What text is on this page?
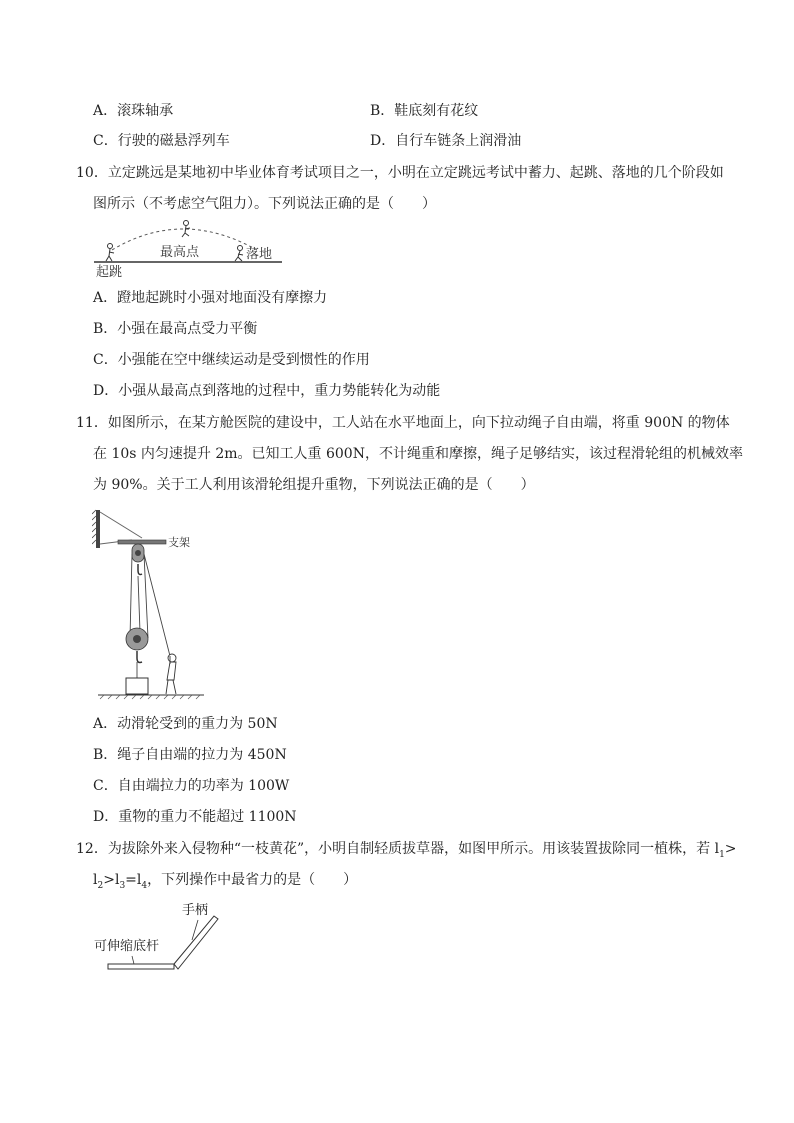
A．滚珠轴承	B．鞋底刻有花纹
C．行驶的磁悬浮列车	D．自行车链条上润滑油
10．立定跳远是某地初中毕业体育考试项目之一，小明在立定跳远考试中蓄力、起跳、落地的几个阶段如
图所示（不考虑空气阻力）。下列说法正确的是（　　）
最高点	落地
起跳
A．蹬地起跳时小强对地面没有摩擦力
B．小强在最高点受力平衡
C．小强能在空中继续运动是受到惯性的作用
D．小强从最高点到落地的过程中，重力势能转化为动能
11．如图所示，在某方舱医院的建设中，工人站在水平地面上，向下拉动绳子自由端，将重 900N 的物体
在 10s 内匀速提升 2m。已知工人重 600N，不计绳重和摩擦，绳子足够结实，该过程滑轮组的机械效率
为 90%。关于工人利用该滑轮组提升重物，下列说法正确的是（　　）
支架
A．动滑轮受到的重力为 50N
B．绳子自由端的拉力为 450N
C．自由端拉力的功率为 100W
D．重物的重力不能超过 1100N
12．为拔除外来入侵物种“一枝黄花”，小明自制轻质拔草器，如图甲所示。用该装置拔除同一植株，若 $l_1>$
$l_2>l_3=l_4$，下列操作中最省力的是（　　）
手柄
可伸缩底杆
